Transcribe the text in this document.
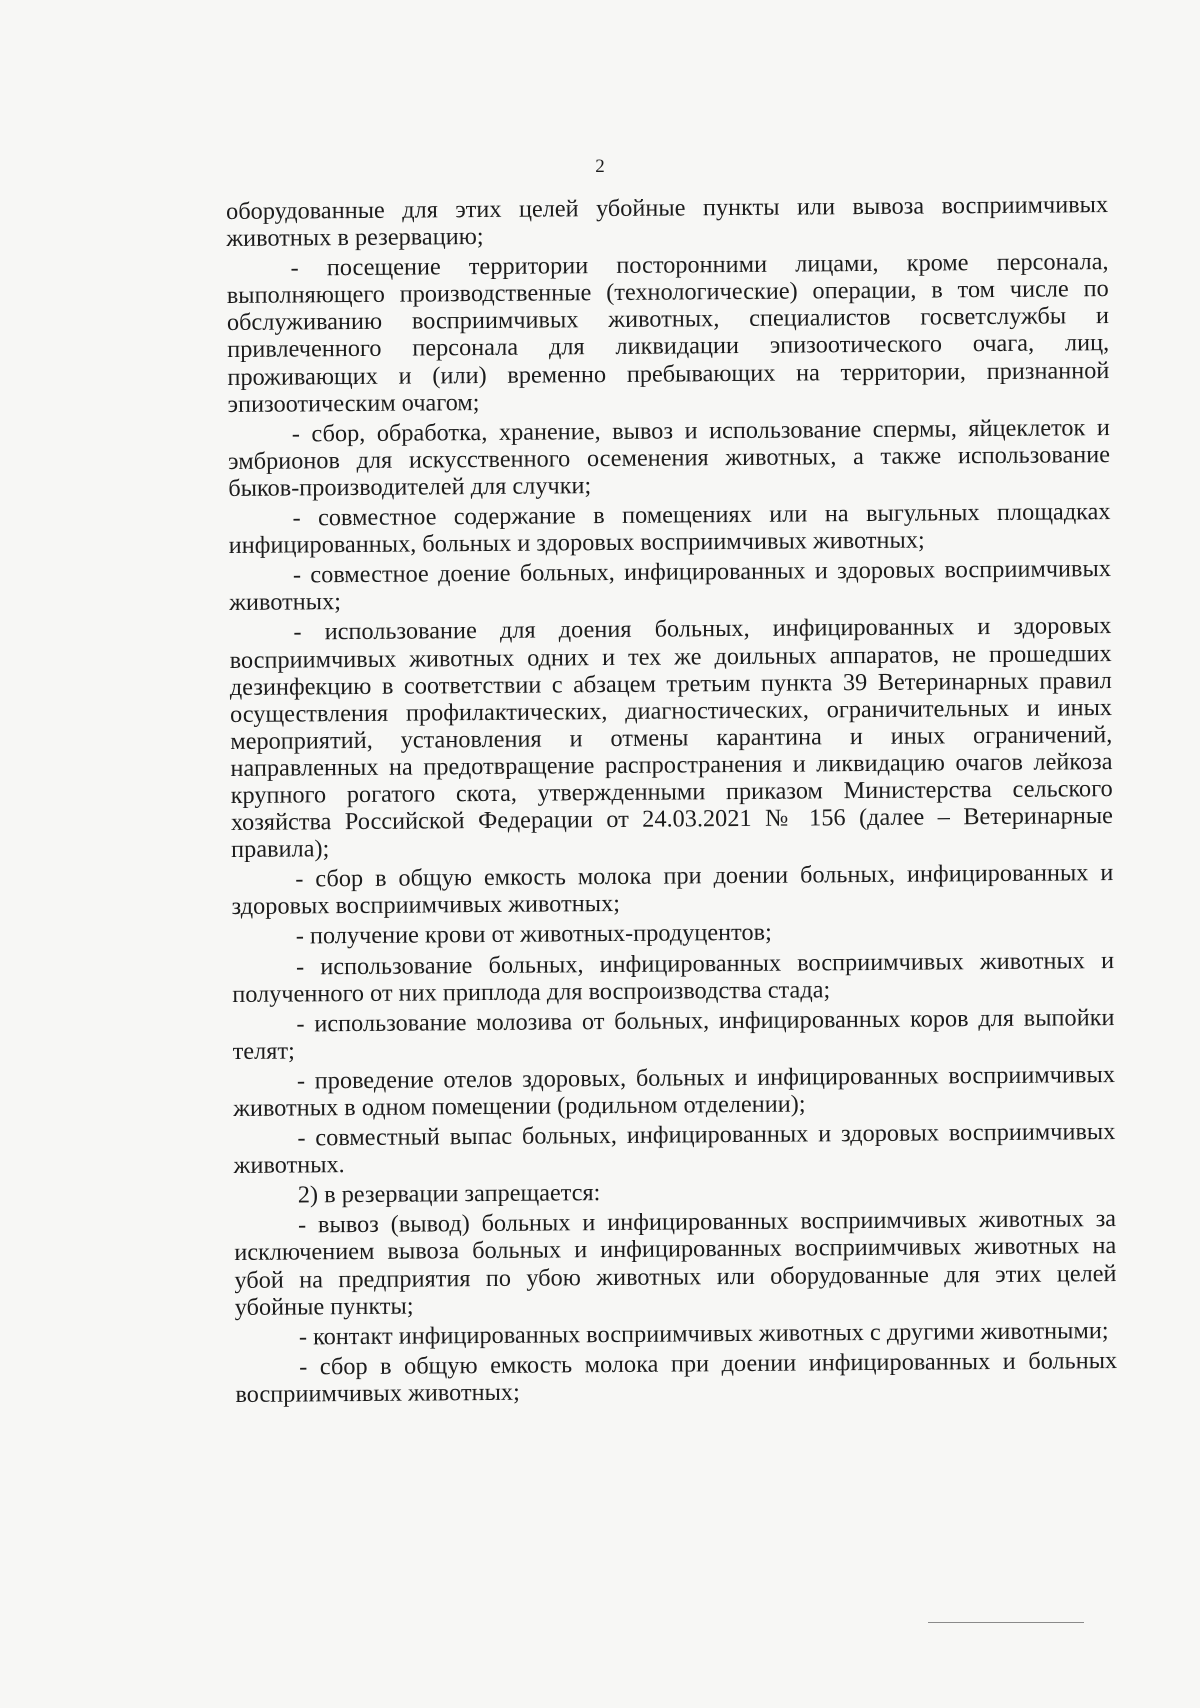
2

оборудованные для этих целей убойные пункты или вывоза восприимчивых животных в резервацию;

- посещение территории посторонними лицами, кроме персонала, выполняющего производственные (технологические) операции, в том числе по обслуживанию восприимчивых животных, специалистов госветслужбы и привлеченного персонала для ликвидации эпизоотического очага, лиц, проживающих и (или) временно пребывающих на территории, признанной эпизоотическим очагом;

- сбор, обработка, хранение, вывоз и использование спермы, яйцеклеток и эмбрионов для искусственного осеменения животных, а также использование быков-производителей для случки;

- совместное содержание в помещениях или на выгульных площадках инфицированных, больных и здоровых восприимчивых животных;

- совместное доение больных, инфицированных и здоровых восприимчивых животных;

- использование для доения больных, инфицированных и здоровых восприимчивых животных одних и тех же доильных аппаратов, не прошедших дезинфекцию в соответствии с абзацем третьим пункта 39 Ветеринарных правил осуществления профилактических, диагностических, ограничительных и иных мероприятий, установления и отмены карантина и иных ограничений, направленных на предотвращение распространения и ликвидацию очагов лейкоза крупного рогатого скота, утвержденными приказом Министерства сельского хозяйства Российской Федерации от 24.03.2021 № 156 (далее – Ветеринарные правила);

- сбор в общую емкость молока при доении больных, инфицированных и здоровых восприимчивых животных;

- получение крови от животных-продуцентов;

- использование больных, инфицированных восприимчивых животных и полученного от них приплода для воспроизводства стада;

- использование молозива от больных, инфицированных коров для выпойки телят;

- проведение отелов здоровых, больных и инфицированных восприимчивых животных в одном помещении (родильном отделении);

- совместный выпас больных, инфицированных и здоровых восприимчивых животных.

2) в резервации запрещается:

- вывоз (вывод) больных и инфицированных восприимчивых животных за исключением вывоза больных и инфицированных восприимчивых животных на убой на предприятия по убою животных или оборудованные для этих целей убойные пункты;

- контакт инфицированных восприимчивых животных с другими животными;

- сбор в общую емкость молока при доении инфицированных и больных восприимчивых животных;
